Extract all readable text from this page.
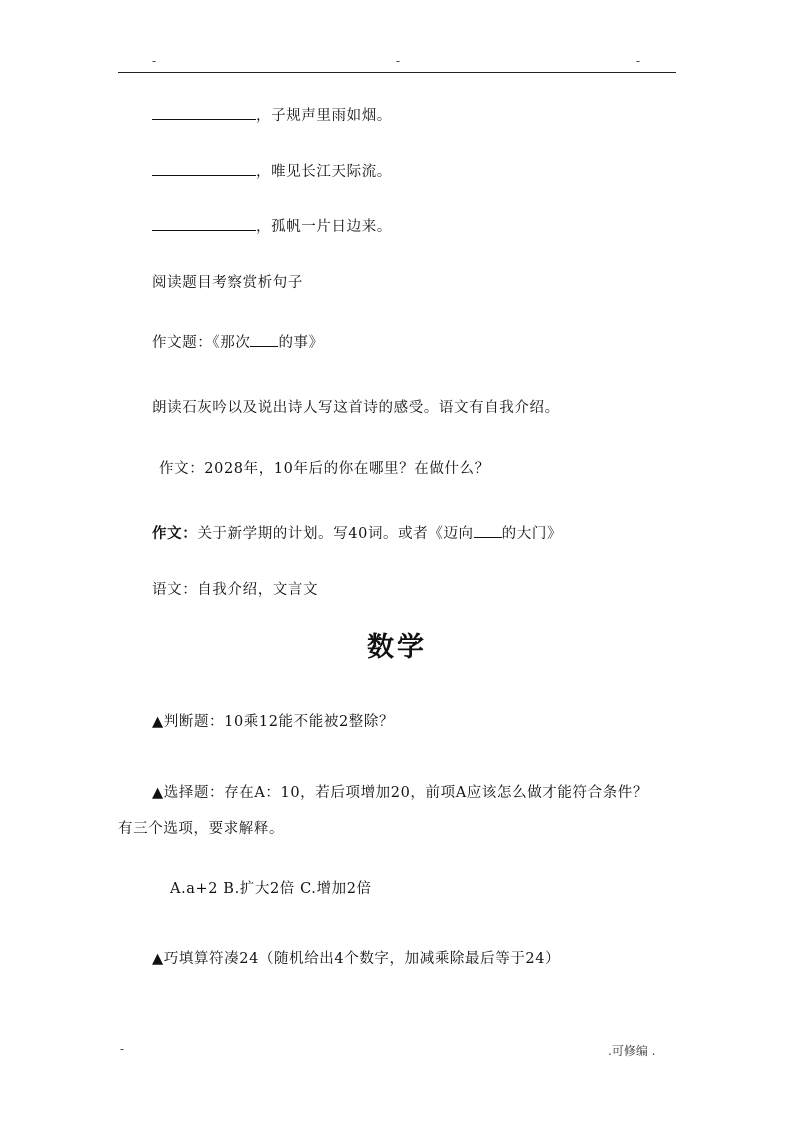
-	-	-
，子规声里雨如烟。
，唯见长江天际流。
，孤帆一片日边来。
阅读题目考察赏析句子
作文题：《那次 的事》
朗读石灰吟以及说出诗人写这首诗的感受。语文有自我介绍。
作文：2028年，10年后的你在哪里？在做什么？
作文：关于新学期的计划。写40词。或者《迈向 的大门》
语文：自我介绍，文言文
数学
▲判断题：10乘12能不能被2整除？
▲选择题：存在A：10，若后项增加20，前项A应该怎么做才能符合条件？
有三个选项，要求解释。
A.a+2 B.扩大2倍 C.增加2倍
▲巧填算符凑24（随机给出4个数字，加减乘除最后等于24）
-	.可修编 .
